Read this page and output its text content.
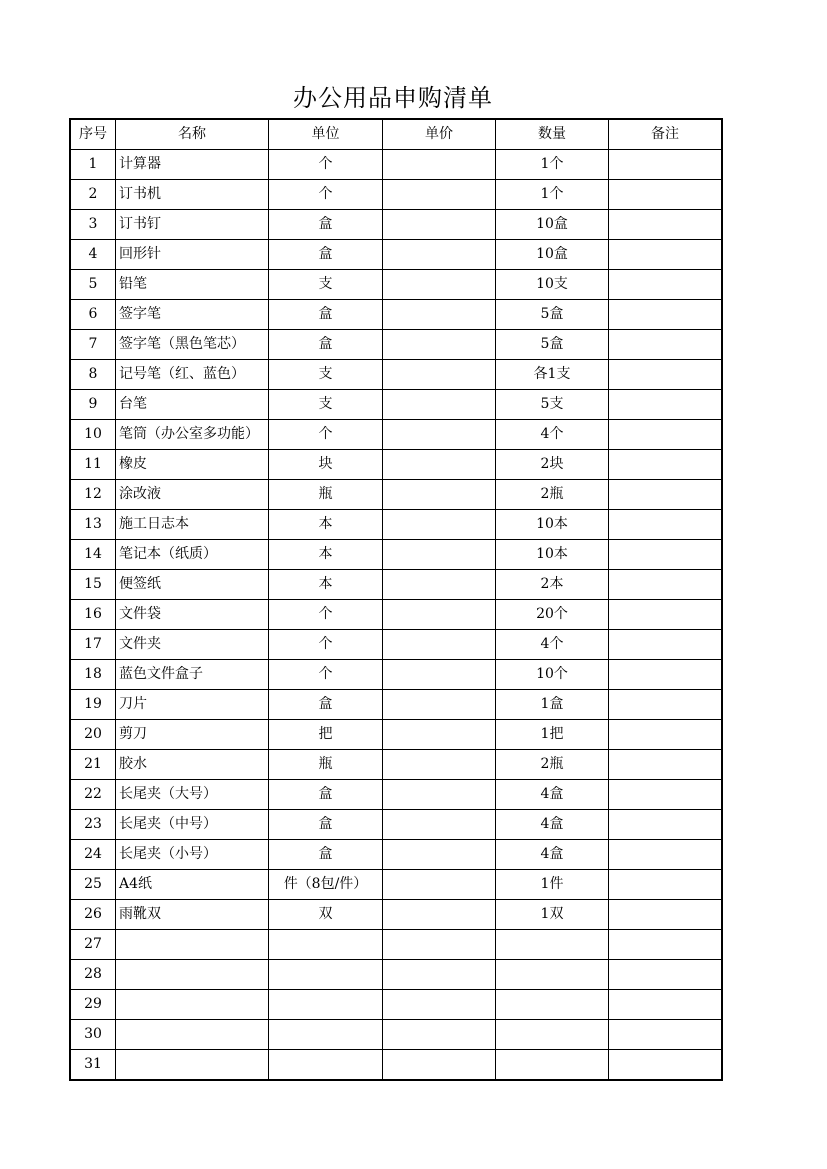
办公用品申购清单
序号	名称	单位	单价	数量	备注
1	计算器	个		1个	
2	订书机	个		1个	
3	订书钉	盒		10盒	
4	回形针	盒		10盒	
5	铅笔	支		10支	
6	签字笔	盒		5盒	
7	签字笔（黑色笔芯）	盒		5盒	
8	记号笔（红、蓝色）	支		各1支	
9	台笔	支		5支	
10	笔筒（办公室多功能）	个		4个	
11	橡皮	块		2块	
12	涂改液	瓶		2瓶	
13	施工日志本	本		10本	
14	笔记本（纸质）	本		10本	
15	便签纸	本		2本	
16	文件袋	个		20个	
17	文件夹	个		4个	
18	蓝色文件盒子	个		10个	
19	刀片	盒		1盒	
20	剪刀	把		1把	
21	胶水	瓶		2瓶	
22	长尾夹（大号）	盒		4盒	
23	长尾夹（中号）	盒		4盒	
24	长尾夹（小号）	盒		4盒	
25	A4纸	件（8包/件）		1件	
26	雨靴双	双		1双	
27					
28					
29					
30					
31					
